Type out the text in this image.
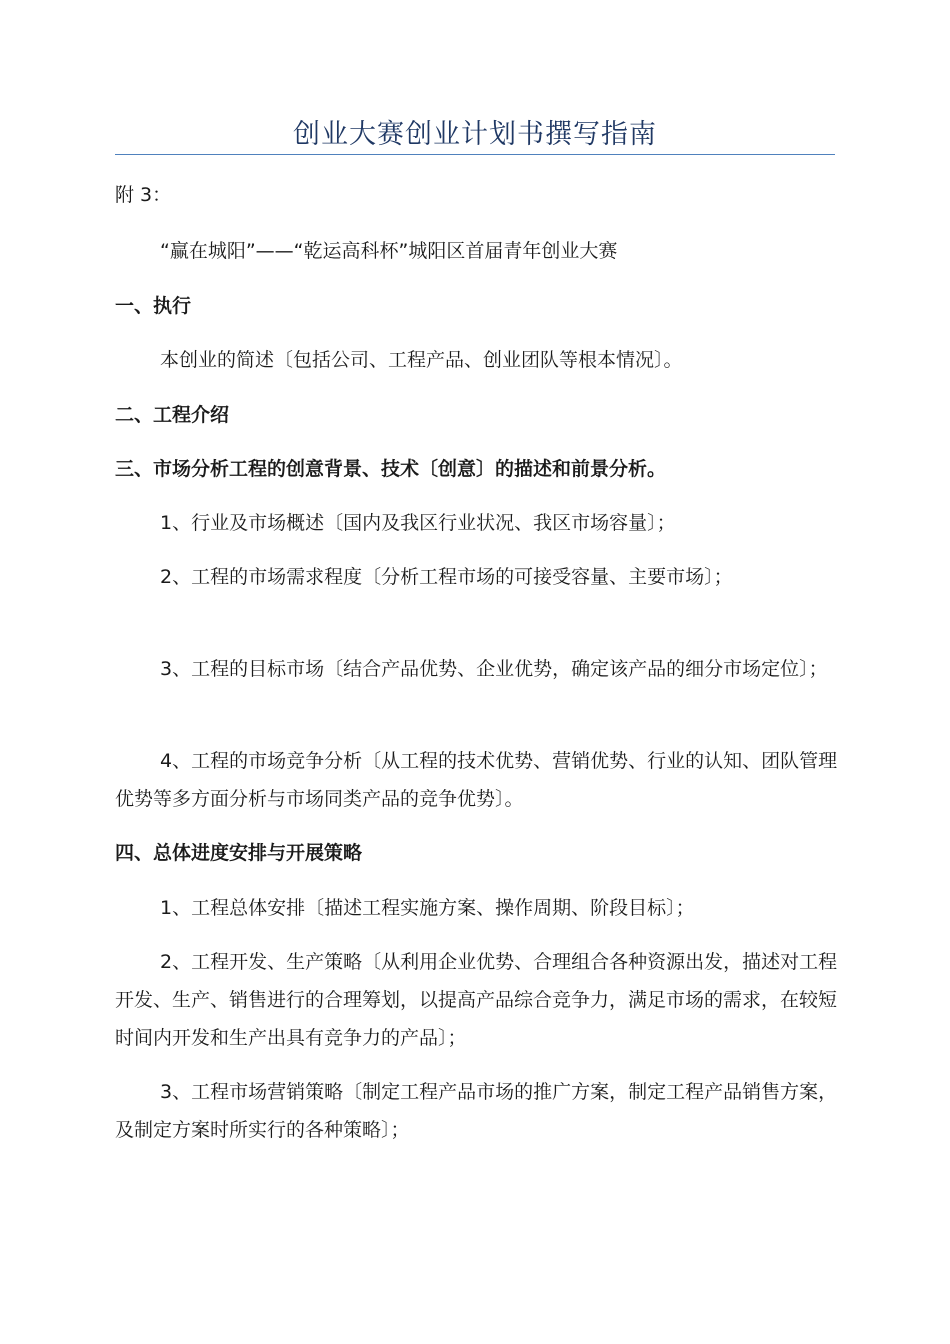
创业大赛创业计划书撰写指南
附 3：
“赢在城阳”——“乾运高科杯”城阳区首届青年创业大赛
一、执行
本创业的简述〔包括公司、工程产品、创业团队等根本情况〕。
二、工程介绍
三、市场分析工程的创意背景、技术〔创意〕的描述和前景分析。
1、行业及市场概述〔国内及我区行业状况、我区市场容量〕；
2、工程的市场需求程度〔分析工程市场的可接受容量、主要市场〕；
3、工程的目标市场〔结合产品优势、企业优势，确定该产品的细分市场定位〕；
4、工程的市场竞争分析〔从工程的技术优势、营销优势、行业的认知、团队管理优势等多方面分析与市场同类产品的竞争优势〕。
四、总体进度安排与开展策略
1、工程总体安排〔描述工程实施方案、操作周期、阶段目标〕；
2、工程开发、生产策略〔从利用企业优势、合理组合各种资源出发，描述对工程开发、生产、销售进行的合理筹划，以提高产品综合竞争力，满足市场的需求，在较短时间内开发和生产出具有竞争力的产品〕；
3、工程市场营销策略〔制定工程产品市场的推广方案，制定工程产品销售方案，及制定方案时所实行的各种策略〕；
